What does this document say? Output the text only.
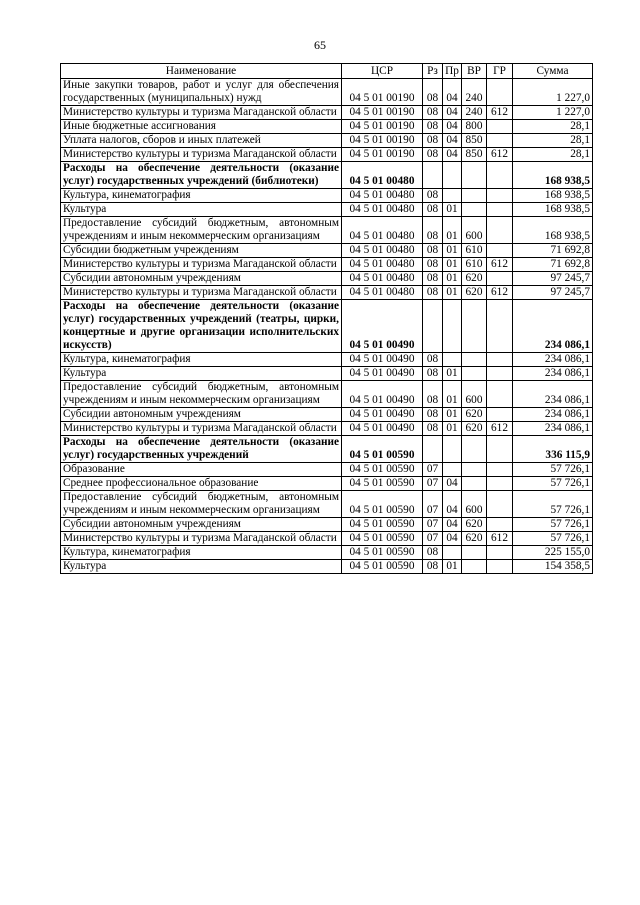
65
Наименование	ЦСР	Рз	Пр	ВР	ГР	Сумма
Иные закупки товаров, работ и услуг для обеспечения государственных (муниципальных) нужд	04 5 01 00190	08	04	240		1 227,0
Министерство культуры и туризма Магаданской области	04 5 01 00190	08	04	240	612	1 227,0
Иные бюджетные ассигнования	04 5 01 00190	08	04	800		28,1
Уплата налогов, сборов и иных платежей	04 5 01 00190	08	04	850		28,1
Министерство культуры и туризма Магаданской области	04 5 01 00190	08	04	850	612	28,1
Расходы на обеспечение деятельности (оказание услуг) государственных учреждений (библиотеки)	04 5 01 00480					168 938,5
Культура, кинематография	04 5 01 00480	08				168 938,5
Культура	04 5 01 00480	08	01			168 938,5
Предоставление субсидий бюджетным, автономным учреждениям и иным некоммерческим организациям	04 5 01 00480	08	01	600		168 938,5
Субсидии бюджетным учреждениям	04 5 01 00480	08	01	610		71 692,8
Министерство культуры и туризма Магаданской области	04 5 01 00480	08	01	610	612	71 692,8
Субсидии автономным учреждениям	04 5 01 00480	08	01	620		97 245,7
Министерство культуры и туризма Магаданской области	04 5 01 00480	08	01	620	612	97 245,7
Расходы на обеспечение деятельности (оказание услуг) государственных учреждений (театры, цирки, концертные и другие организации исполнительских искусств)	04 5 01 00490					234 086,1
Культура, кинематография	04 5 01 00490	08				234 086,1
Культура	04 5 01 00490	08	01			234 086,1
Предоставление субсидий бюджетным, автономным учреждениям и иным некоммерческим организациям	04 5 01 00490	08	01	600		234 086,1
Субсидии автономным учреждениям	04 5 01 00490	08	01	620		234 086,1
Министерство культуры и туризма Магаданской области	04 5 01 00490	08	01	620	612	234 086,1
Расходы на обеспечение деятельности (оказание услуг) государственных учреждений	04 5 01 00590					336 115,9
Образование	04 5 01 00590	07				57 726,1
Среднее профессиональное образование	04 5 01 00590	07	04			57 726,1
Предоставление субсидий бюджетным, автономным учреждениям и иным некоммерческим организациям	04 5 01 00590	07	04	600		57 726,1
Субсидии автономным учреждениям	04 5 01 00590	07	04	620		57 726,1
Министерство культуры и туризма Магаданской области	04 5 01 00590	07	04	620	612	57 726,1
Культура, кинематография	04 5 01 00590	08				225 155,0
Культура	04 5 01 00590	08	01			154 358,5
